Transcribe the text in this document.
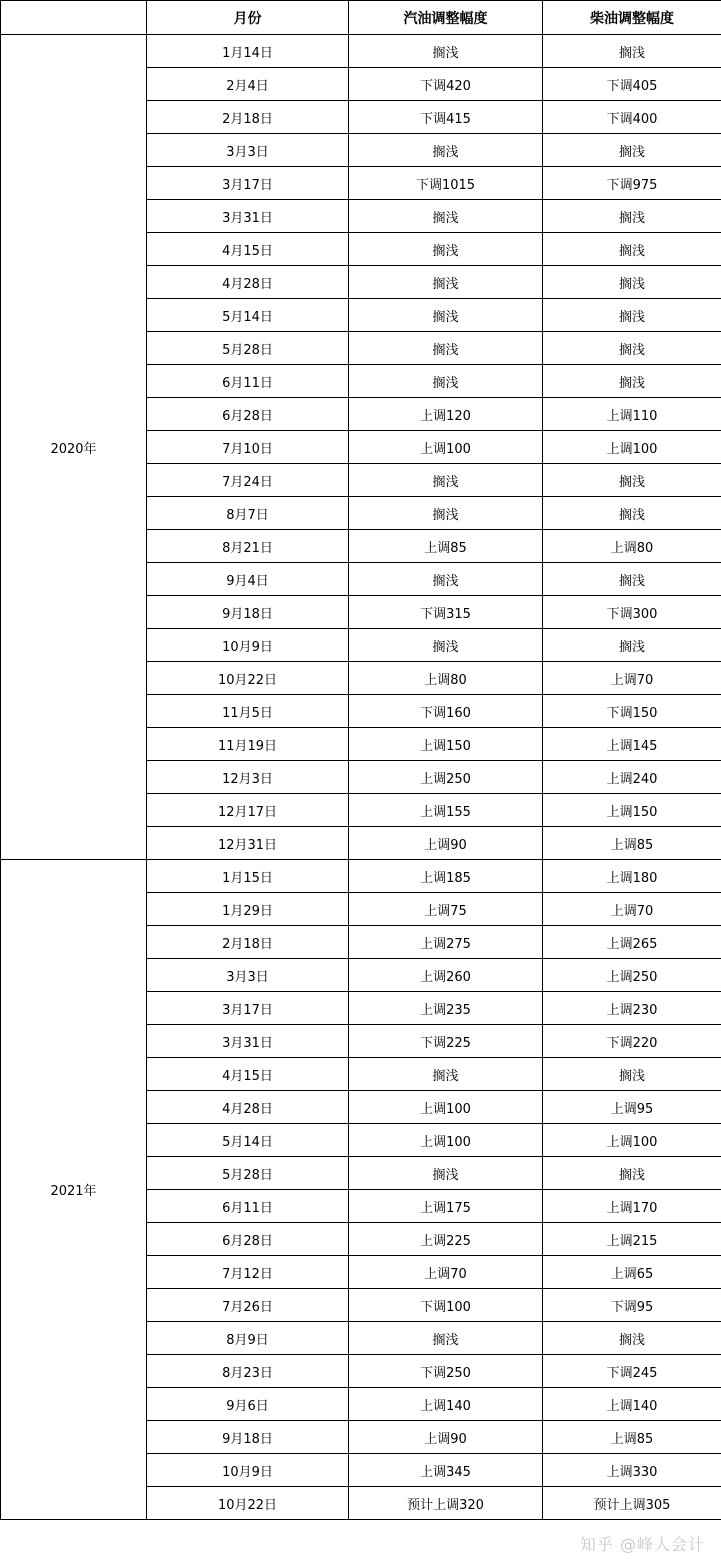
	月份	汽油调整幅度	柴油调整幅度
2020年	1月14日	搁浅	搁浅
	2月4日	下调420	下调405
	2月18日	下调415	下调400
	3月3日	搁浅	搁浅
	3月17日	下调1015	下调975
	3月31日	搁浅	搁浅
	4月15日	搁浅	搁浅
	4月28日	搁浅	搁浅
	5月14日	搁浅	搁浅
	5月28日	搁浅	搁浅
	6月11日	搁浅	搁浅
	6月28日	上调120	上调110
	7月10日	上调100	上调100
	7月24日	搁浅	搁浅
	8月7日	搁浅	搁浅
	8月21日	上调85	上调80
	9月4日	搁浅	搁浅
	9月18日	下调315	下调300
	10月9日	搁浅	搁浅
	10月22日	上调80	上调70
	11月5日	下调160	下调150
	11月19日	上调150	上调145
	12月3日	上调250	上调240
	12月17日	上调155	上调150
	12月31日	上调90	上调85
2021年	1月15日	上调185	上调180
	1月29日	上调75	上调70
	2月18日	上调275	上调265
	3月3日	上调260	上调250
	3月17日	上调235	上调230
	3月31日	下调225	下调220
	4月15日	搁浅	搁浅
	4月28日	上调100	上调95
	5月14日	上调100	上调100
	5月28日	搁浅	搁浅
	6月11日	上调175	上调170
	6月28日	上调225	上调215
	7月12日	上调70	上调65
	7月26日	下调100	下调95
	8月9日	搁浅	搁浅
	8月23日	下调250	下调245
	9月6日	上调140	上调140
	9月18日	上调90	上调85
	10月9日	上调345	上调330
	10月22日	预计上调320	预计上调305
知乎 @峰人会计
